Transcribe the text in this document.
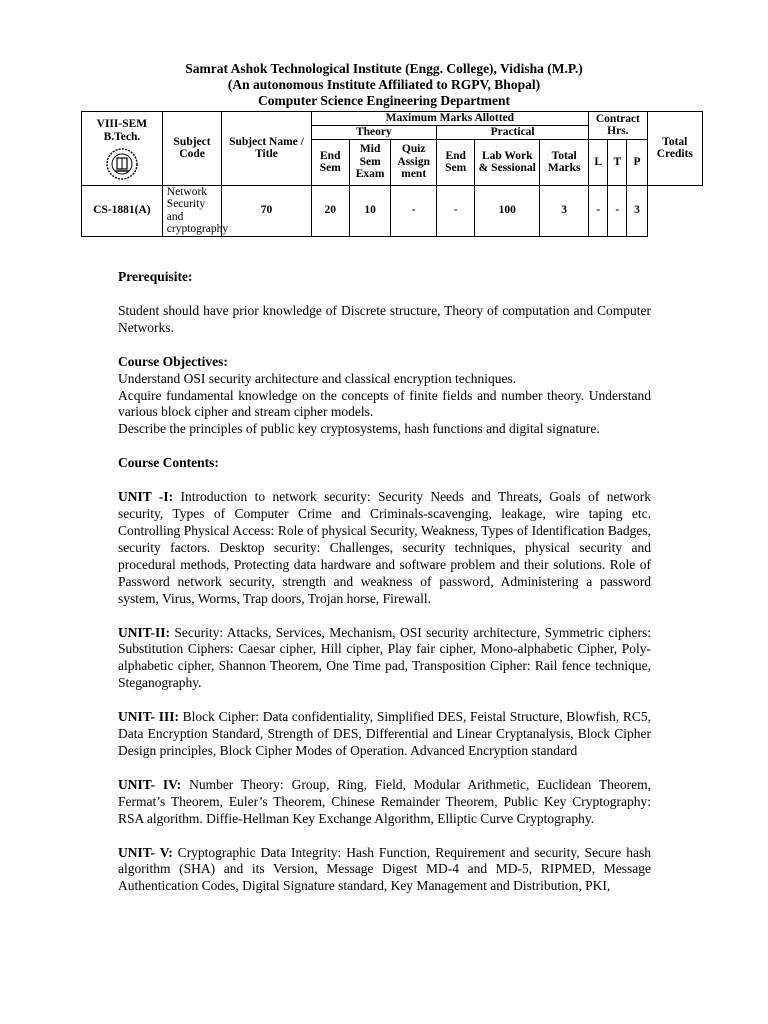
Samrat Ashok Technological Institute (Engg. College), Vidisha (M.P.)
(An autonomous Institute Affiliated to RGPV, Bhopal)
Computer Science Engineering Department
VIII-SEM
B.Tech.	Subject Code	Subject Name / Title	Maximum Marks Allotted						Contract Hrs.			Total Credits
			Theory			Practical						
			End Sem	Mid Sem Exam	Quiz Assign ment	End Sem	Lab Work & Sessional	Total Marks	L	T	P	
CS-1881(A)	Network Security and cryptography	70	20	10	-	-	100	3	-	-	3	

Prerequisite:

Student should have prior knowledge of Discrete structure, Theory of computation and Computer Networks.

Course Objectives:

Understand OSI security architecture and classical encryption techniques.

Acquire fundamental knowledge on the concepts of finite fields and number theory. Understand various block cipher and stream cipher models.

Describe the principles of public key cryptosystems, hash functions and digital signature.

Course Contents:

UNIT -I: Introduction to network security: Security Needs and Threats, Goals of network security, Types of Computer Crime and Criminals-scavenging, leakage, wire taping etc. Controlling Physical Access: Role of physical Security, Weakness, Types of Identification Badges, security factors. Desktop security: Challenges, security techniques, physical security and procedural methods, Protecting data hardware and software problem and their solutions. Role of Password network security, strength and weakness of password, Administering a password system, Virus, Worms, Trap doors, Trojan horse, Firewall.

UNIT-II: Security: Attacks, Services, Mechanism, OSI security architecture, Symmetric ciphers: Substitution Ciphers: Caesar cipher, Hill cipher, Play fair cipher, Mono-alphabetic Cipher, Poly-alphabetic cipher, Shannon Theorem, One Time pad, Transposition Cipher: Rail fence technique, Steganography.

UNIT- III: Block Cipher: Data confidentiality, Simplified DES, Feistal Structure, Blowfish, RC5, Data Encryption Standard, Strength of DES, Differential and Linear Cryptanalysis, Block Cipher Design principles, Block Cipher Modes of Operation. Advanced Encryption standard

UNIT- IV: Number Theory: Group, Ring, Field, Modular Arithmetic, Euclidean Theorem, Fermat’s Theorem, Euler’s Theorem, Chinese Remainder Theorem, Public Key Cryptography: RSA algorithm. Diffie-Hellman Key Exchange Algorithm, Elliptic Curve Cryptography.

UNIT- V: Cryptographic Data Integrity: Hash Function, Requirement and security, Secure hash algorithm (SHA) and its Version, Message Digest MD-4 and MD-5, RIPMED, Message Authentication Codes, Digital Signature standard, Key Management and Distribution, PKI,
